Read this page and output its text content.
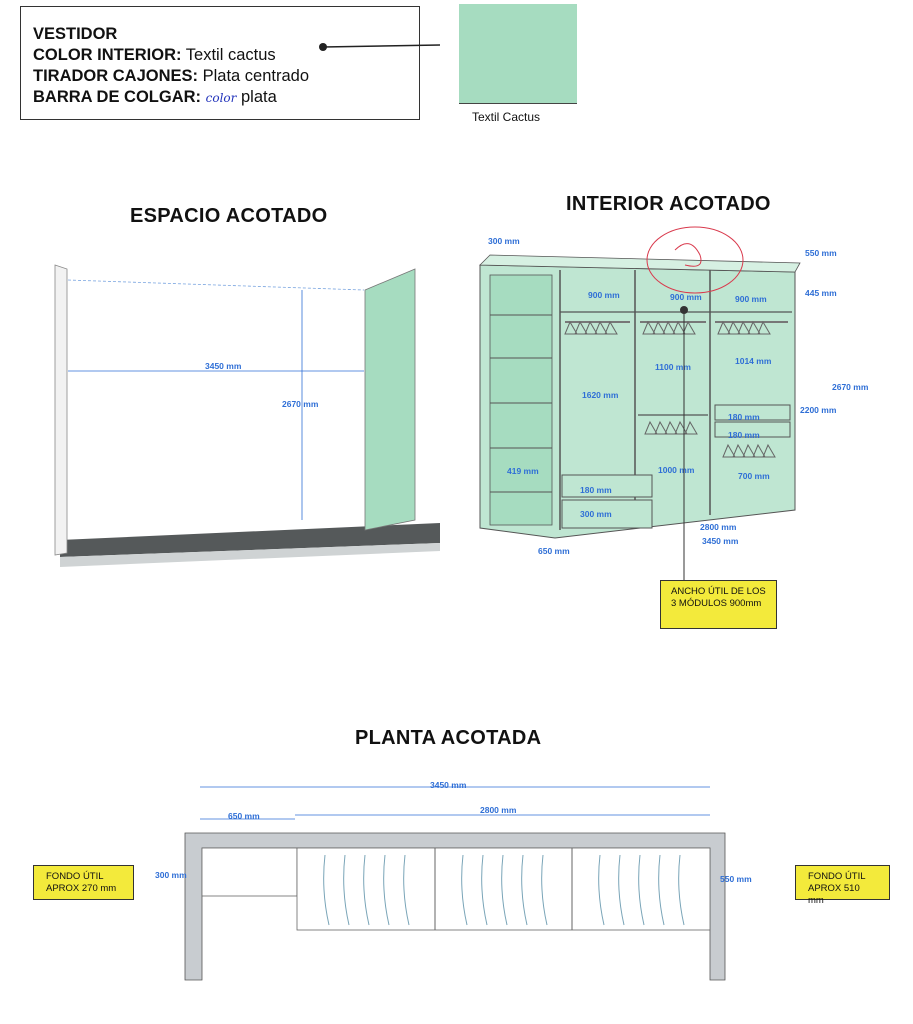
VESTIDOR
COLOR INTERIOR: Textil cactus
TIRADOR CAJONES: Plata centrado
BARRA DE COLGAR: color plata
Textil Cactus
ESPACIO ACOTADO
INTERIOR ACOTADO
PLANTA ACOTADA
3450 mm
2670 mm
300 mm
550 mm
900 mm	900 mm	900 mm
445 mm
2670 mm
1620 mm
1100 mm
1014 mm
2200 mm
180 mm
180 mm
700 mm
1000 mm
419 mm
180 mm
300 mm
2800 mm
3450 mm
650 mm
ANCHO ÚTIL DE LOS 3 MÓDULOS 900mm
3450 mm
2800 mm
650 mm
300 mm	550 mm
FONDO ÚTIL APROX 270 mm
FONDO ÚTIL APROX 510 mm
